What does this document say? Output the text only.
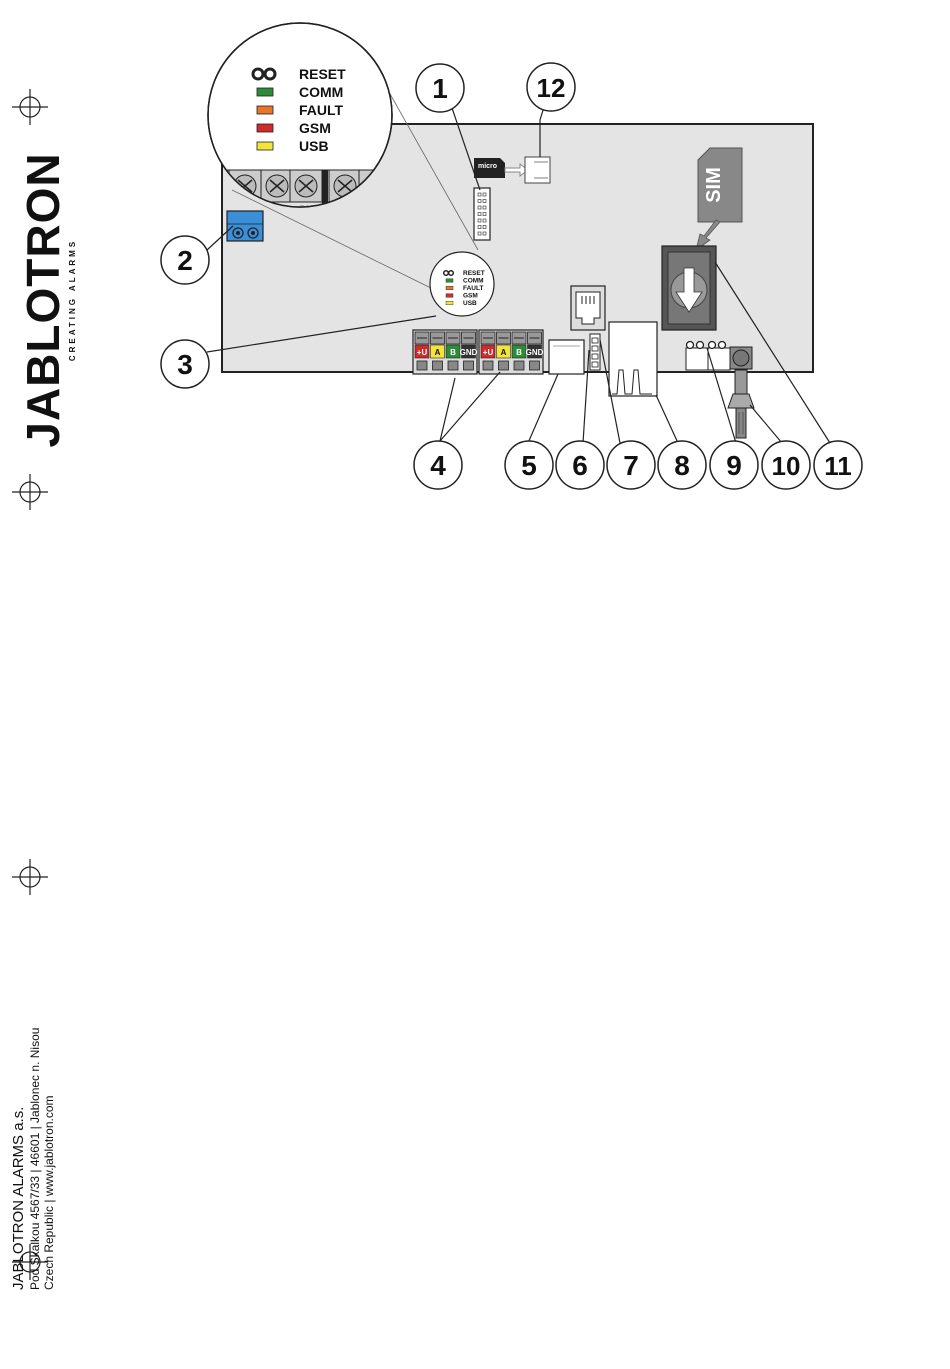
RESET
COMM
FAULT
GSM
USB
RESET
COMM
FAULT
GSM
USB
micro
SIM
+U A B GND +U A B GND
1
2
3
4	5 6 7 8 9 10 11
12
JABLOTRON CREATING ALARMS
JABLOTRON ALARMS a.s. Pod Skalkou 4567/33 | 46601 | Jablonec n. Nisou Czech Republic | www.jablotron.com
